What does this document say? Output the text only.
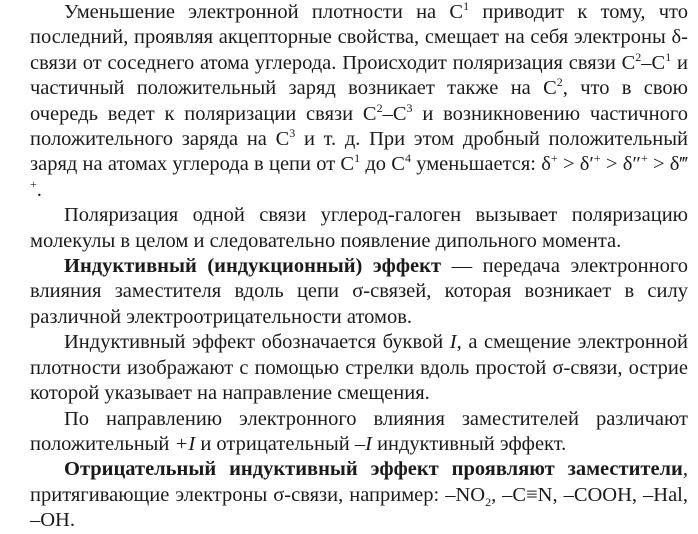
Уменьшение электронной плотности на $С^1$ приводит к тому, что последний, проявляя акцепторные свойства, смещает на себя электроны δ-связи от соседнего атома углерода. Происходит поляризация связи $С^2-С^1$ и частичный положительный заряд возникает также на $С^2$, что в свою очередь ведет к поляризации связи $С^2-С^3$ и возникновению частичного положительного заряда на $С^3$ и т. д. При этом дробный положительный заряд на атомах углерода в цепи от $С^1$ до $С^4$ уменьшается: δ+ > δ′+ > δ″+ > δ‴+.

Поляризация одной связи углерод-галоген вызывает поляризацию молекулы в целом и следовательно появление дипольного момента.

Индуктивный (индукционный) эффект — передача электронного влияния заместителя вдоль цепи σ-связей, которая возникает в силу различной электроотрицательности атомов.

Индуктивный эффект обозначается буквой I, а смещение электронной плотности изображают с помощью стрелки вдоль простой σ-связи, острие которой указывает на направление смещения.

По направлению электронного влияния заместителей различают положительный +I и отрицательный –I индуктивный эффект.

Отрицательный индуктивный эффект проявляют заместители, притягивающие электроны σ-связи, например: $-NO_2$, –C≡N, –COOH, –Hal, –OH.
